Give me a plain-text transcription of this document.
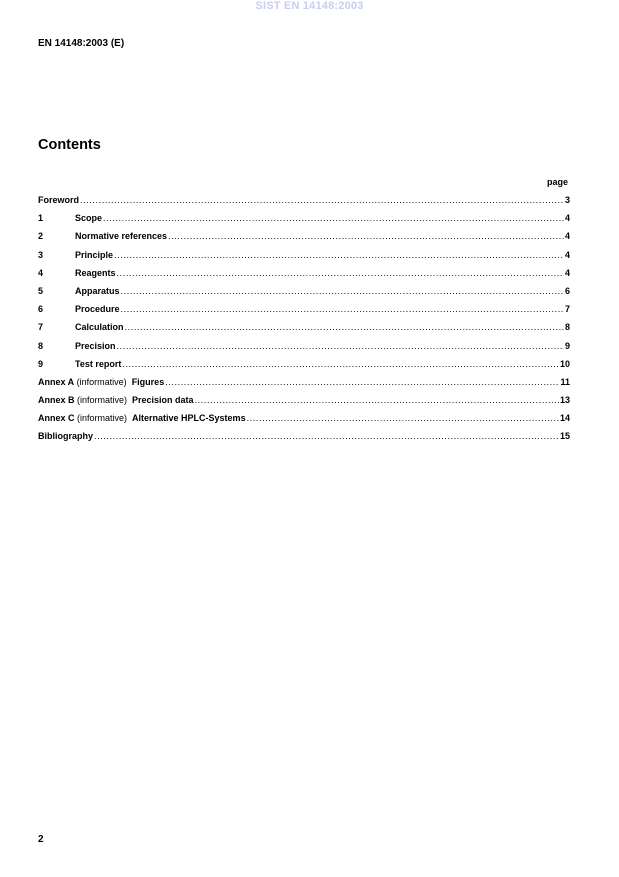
SIST EN 14148:2003
EN 14148:2003 (E)
Contents
page
Foreword .....	3
1	Scope .....	4
2	Normative references .....	4
3	Principle .....	4
4	Reagents .....	4
5	Apparatus .....	6
6	Procedure .....	7
7	Calculation .....	8
8	Precision .....	9
9	Test report .....	10
Annex A (informative) Figures .....	11
Annex B (informative) Precision data .....	13
Annex C (informative) Alternative HPLC-Systems .....	14
Bibliography .....	15
2
